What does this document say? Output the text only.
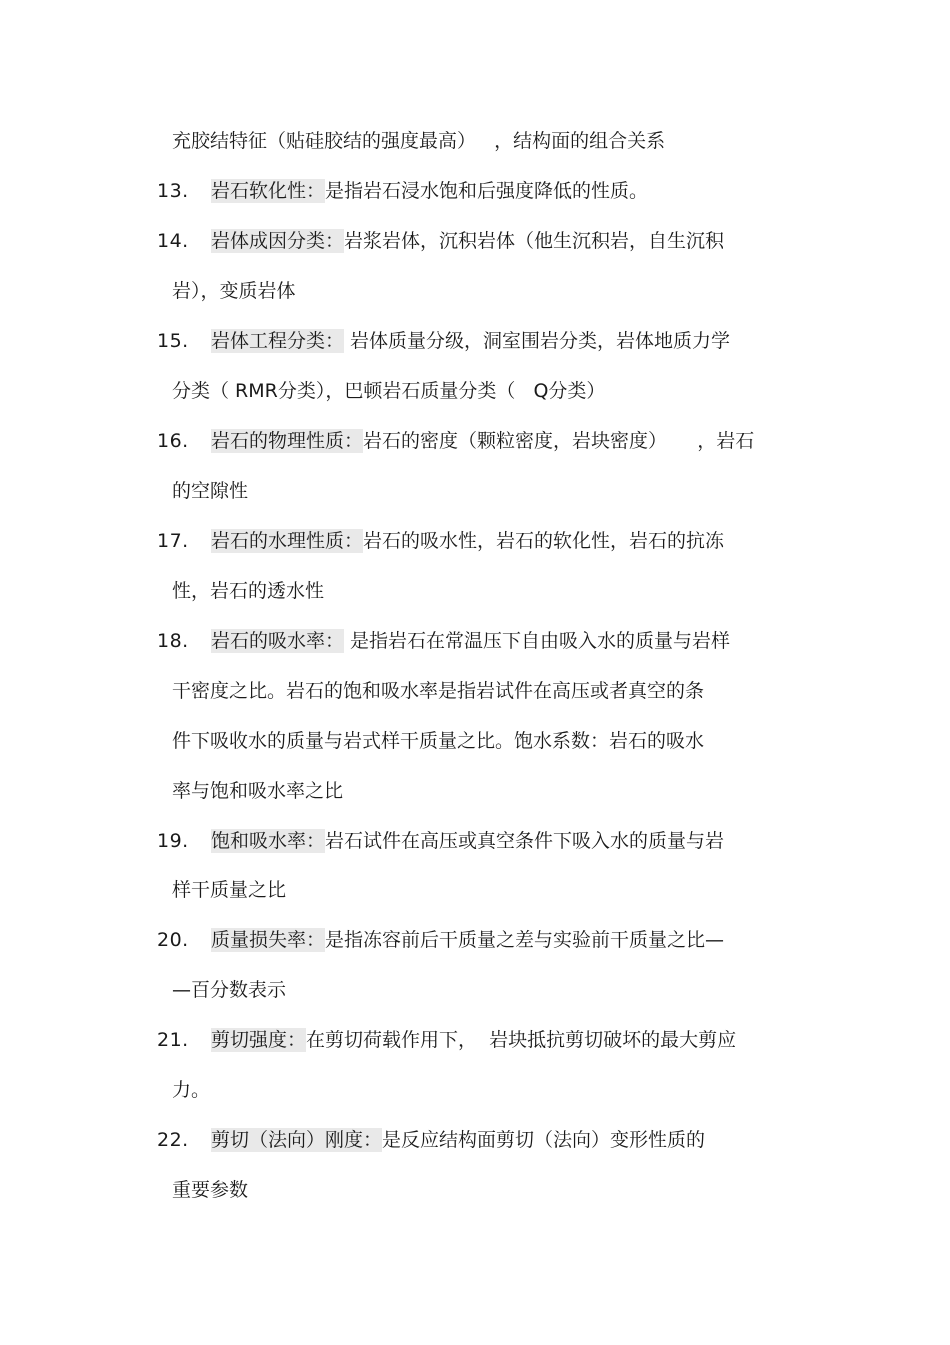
充胶结特征（贴硅胶结的强度最高）   ，结构面的组合关系
13. 岩石软化性：是指岩石浸水饱和后强度降低的性质。
14. 岩体成因分类：岩浆岩体，沉积岩体（他生沉积岩，自生沉积
岩），变质岩体
15. 岩体工程分类： 岩体质量分级，洞室围岩分类，岩体地质力学
分类（ RMR分类），巴顿岩石质量分类（   Q分类）
16. 岩石的物理性质：岩石的密度（颗粒密度，岩块密度）     ，岩石
的空隙性
17. 岩石的水理性质：岩石的吸水性，岩石的软化性，岩石的抗冻
性，岩石的透水性
18. 岩石的吸水率： 是指岩石在常温压下自由吸入水的质量与岩样
干密度之比。岩石的饱和吸水率是指岩试件在高压或者真空的条
件下吸收水的质量与岩式样干质量之比。饱水系数：岩石的吸水
率与饱和吸水率之比
19. 饱和吸水率：岩石试件在高压或真空条件下吸入水的质量与岩
样干质量之比
20. 质量损失率：是指冻容前后干质量之差与实验前干质量之比—
—百分数表示
21. 剪切强度：在剪切荷载作用下，  岩块抵抗剪切破坏的最大剪应
力。
22. 剪切（法向）刚度：是反应结构面剪切（法向）变形性质的
重要参数
